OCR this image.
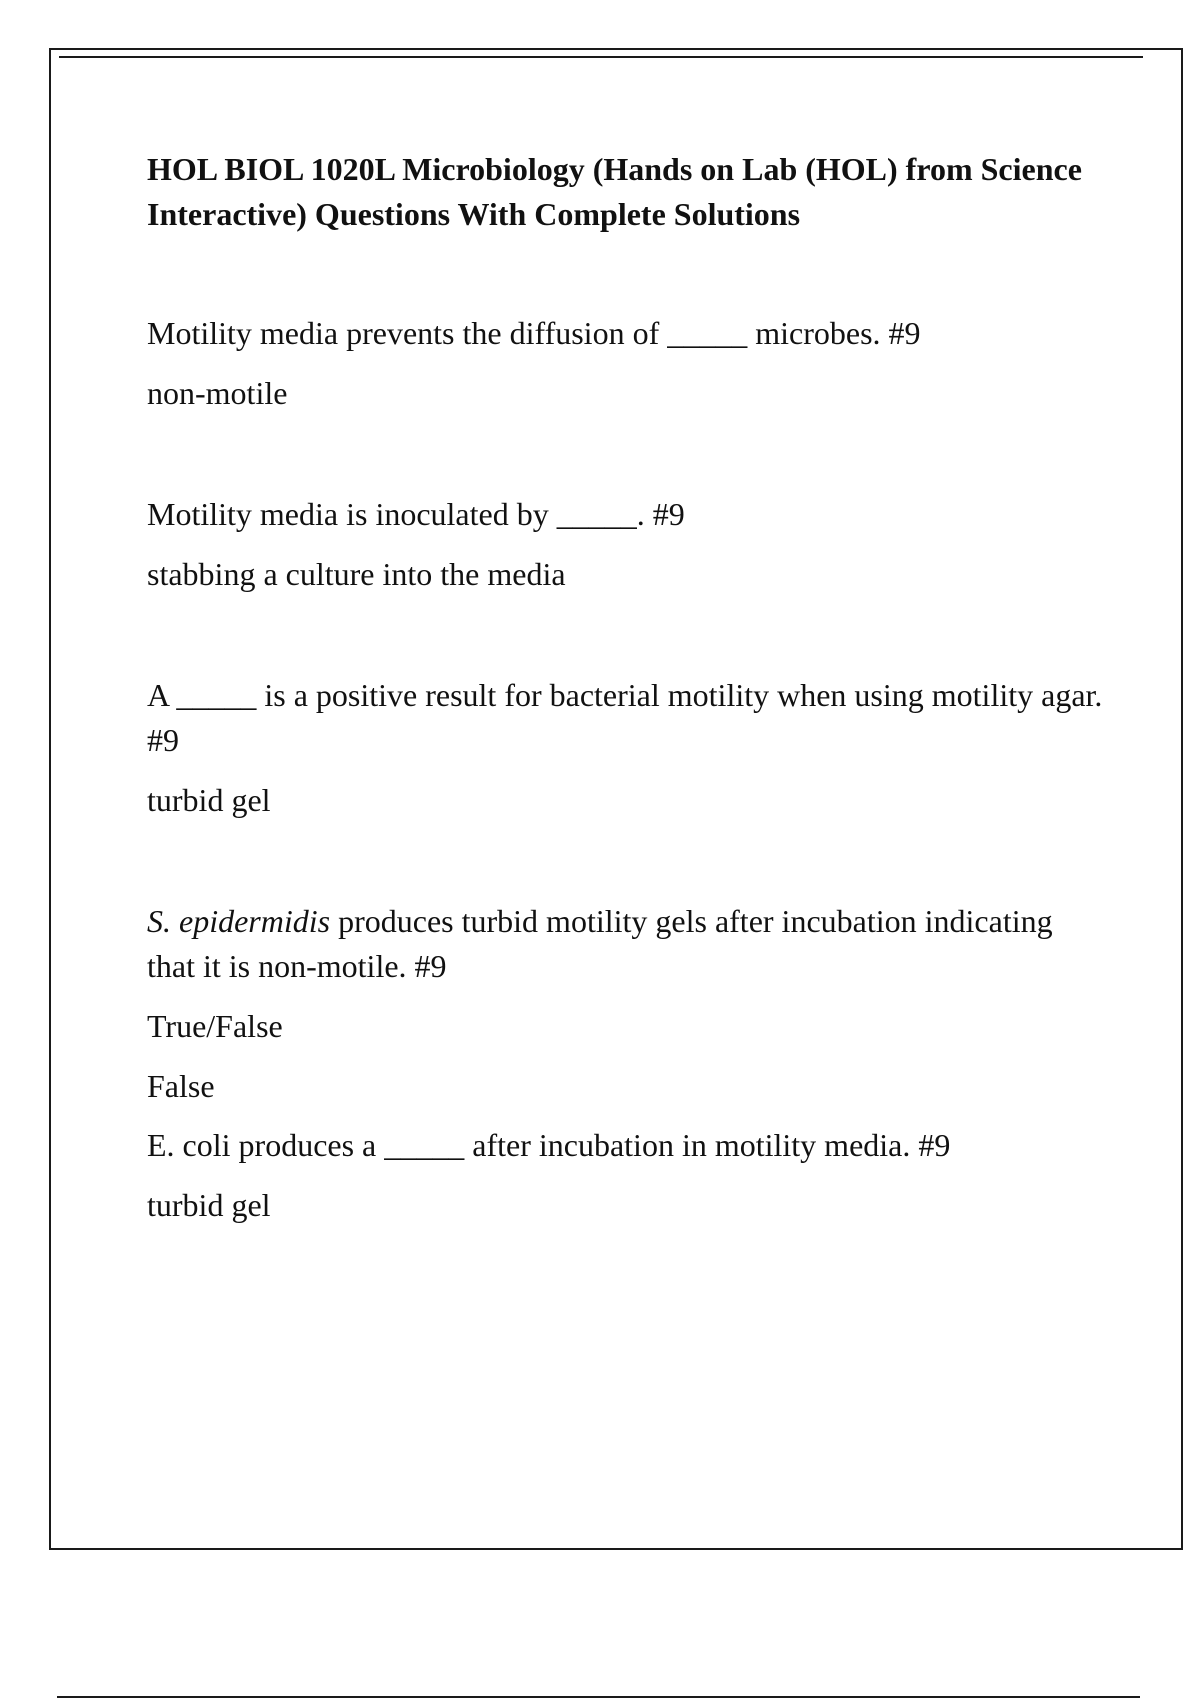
HOL BIOL 1020L Microbiology (Hands on Lab (HOL) from Science Interactive) Questions With Complete Solutions

Motility media prevents the diffusion of _____ microbes. #9

non-motile

Motility media is inoculated by _____. #9

stabbing a culture into the media

A _____ is a positive result for bacterial motility when using motility agar. #9

turbid gel

S. epidermidis produces turbid motility gels after incubation indicating that it is non-motile. #9

True/False

False

E. coli produces a _____ after incubation in motility media. #9

turbid gel
